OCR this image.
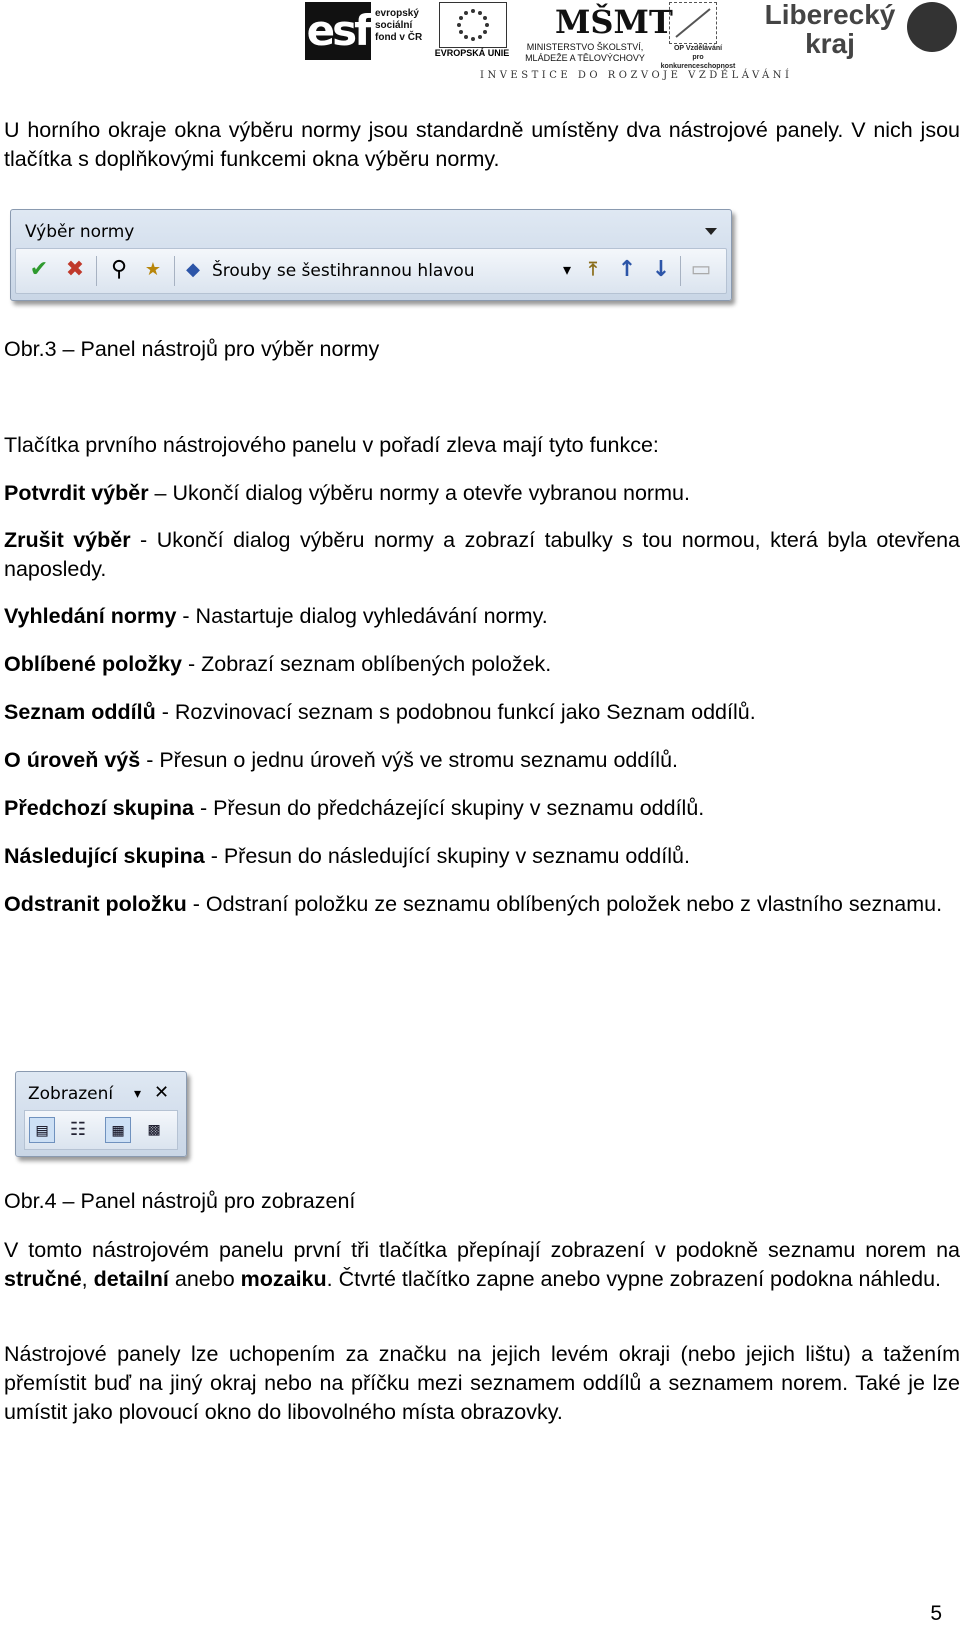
esf evropský
sociální
fond v ČR
EVROPSKÁ UNIE
MŠMT
MINISTERSTVO ŠKOLSTVÍ,
MLÁDEŽE A TĚLOVÝCHOVY
OP Vzdělávání
pro konkurenceschopnost
Liberecký
kraj
INVESTICE DO ROZVOJE VZDĚLÁVÁNÍ

U horního okraje okna výběru normy jsou standardně umístěny dva nástrojové panely. V nich jsou tlačítka s doplňkovými funkcemi okna výběru normy.

Výběr normy
✔ ✖ ⚲ ★	◆ Šrouby se šestihrannou hlavou	▾	⤒ ↑ ↓ ▭

Obr.3 – Panel nástrojů pro výběr normy

Tlačítka prvního nástrojového panelu v pořadí zleva mají tyto funkce:

Potvrdit výběr – Ukončí dialog výběru normy a otevře vybranou normu.

Zrušit výběr - Ukončí dialog výběru normy a zobrazí tabulky s tou normou, která byla otevřena naposledy.

Vyhledání normy - Nastartuje dialog vyhledávání normy.

Oblíbené položky - Zobrazí seznam oblíbených položek.

Seznam oddílů - Rozvinovací seznam s podobnou funkcí jako Seznam oddílů.

O úroveň výš - Přesun o jednu úroveň výš ve stromu seznamu oddílů.

Předchozí skupina - Přesun do předcházející skupiny v seznamu oddílů.

Následující skupina - Přesun do následující skupiny v seznamu oddílů.

Odstranit položku - Odstraní položku ze seznamu oblíbených položek nebo z vlastního seznamu.

Zobrazení ▾ ✕
▤	☷	▦	▩

Obr.4 – Panel nástrojů pro zobrazení

V tomto nástrojovém panelu první tři tlačítka přepínají zobrazení v podokně seznamu norem na stručné, detailní anebo mozaiku. Čtvrté tlačítko zapne anebo vypne zobrazení podokna náhledu.

Nástrojové panely lze uchopením za značku na jejich levém okraji (nebo jejich lištu) a tažením přemístit buď na jiný okraj nebo na příčku mezi seznamem oddílů a seznamem norem. Také je lze umístit jako plovoucí okno do libovolného místa obrazovky.

5
